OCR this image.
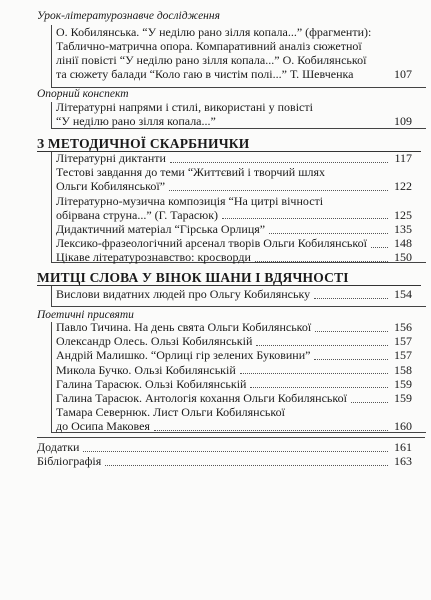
Урок-літературознавче дослідження
О. Кобилянська. “У неділю рано зілля копала...” (фрагменти):
Таблично-матрична опора. Компаративний аналіз сюжетної
лінії повісті “У неділю рано зілля копала...” О. Кобилянської
та сюжету балади “Коло гаю в чистім полі...” Т. Шевченка	107
Опорний конспект
Літературні напрями і стилі, використані у повісті
“У неділю рано зілля копала...”	109
З МЕТОДИЧНОЇ СКАРБНИЧКИ
МИТЦІ СЛОВА У ВІНОК ШАНИ І ВДЯЧНОСТІ
Поетичні присвяти
Літературні диктанти	117
Тестові завдання до теми “Життєвий і творчий шлях
Ольги Кобилянської”	122
Літературно-музична композиція “На цитрі вічності
обірвана струна...” (Г. Тарасюк)	125
Дидактичний матеріал “Гірська Орлиця”	135
Лексико-фразеологічний арсенал творів Ольги Кобилянської	148
Цікаве літературознавство: кросворди	150
Вислови видатних людей про Ольгу Кобилянську	154
Павло Тичина. На день свята Ольги Кобилянської	156
Олександр Олесь. Ользі Кобилянській	157
Андрій Малишко. “Орлиці гір зелених Буковини”	157
Микола Бучко. Ользі Кобилянській	158
Галина Тарасюк. Ользі Кобилянській	159
Галина Тарасюк. Антологія кохання Ольги Кобилянської	159
Тамара Севернюк. Лист Ольги Кобилянської
до Осипа Маковея	160
Додатки	161
Бібліографія	163
